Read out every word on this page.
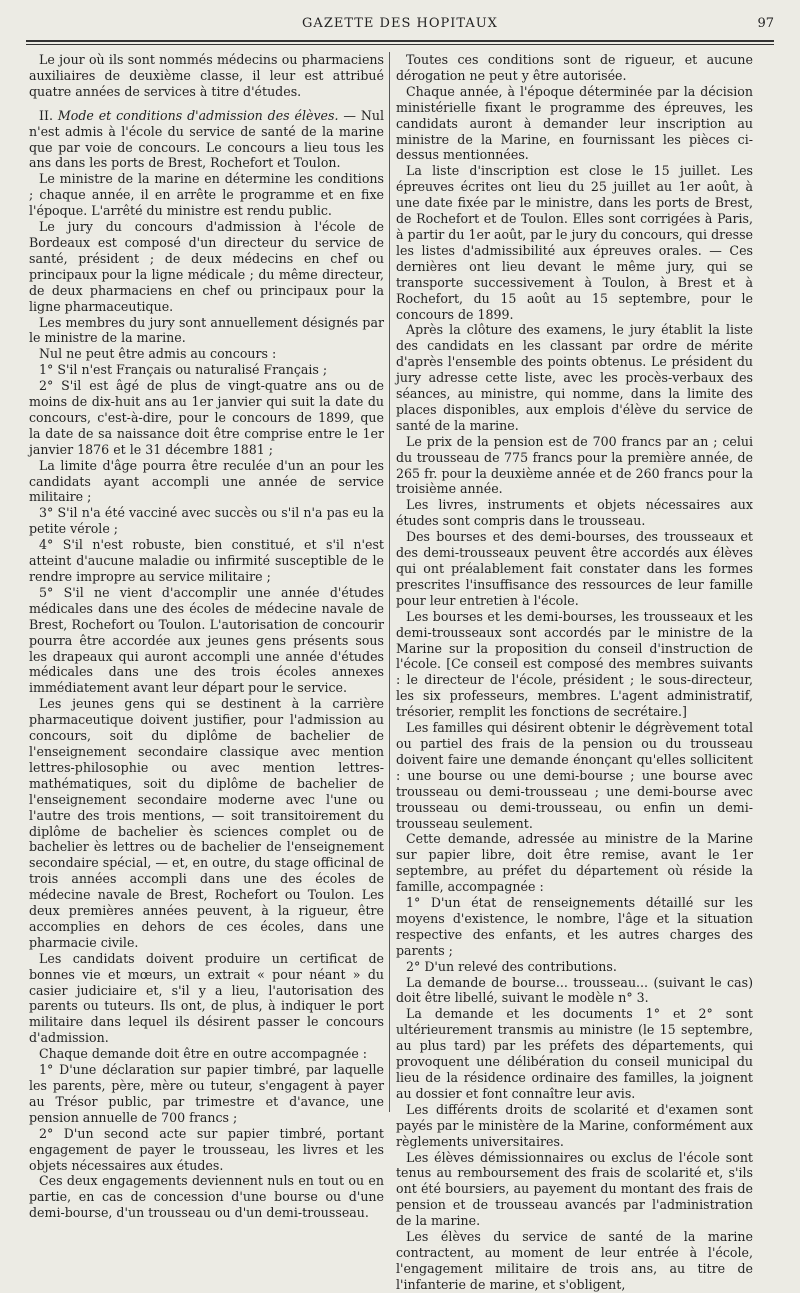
GAZETTE DES HOPITAUX	97

Le jour où ils sont nommés médecins ou pharmaciens auxiliaires de deuxième classe, il leur est attribué quatre années de services à titre d'études.

II. Mode et conditions d'admission des élèves. — Nul n'est admis à l'école du service de santé de la marine que par voie de concours. Le concours a lieu tous les ans dans les ports de Brest, Rochefort et Toulon.

Le ministre de la marine en détermine les conditions ; chaque année, il en arrête le programme et en fixe l'époque. L'arrêté du ministre est rendu public.

Le jury du concours d'admission à l'école de Bordeaux est composé d'un directeur du service de santé, président ; de deux médecins en chef ou principaux pour la ligne médicale ; du même directeur, de deux pharmaciens en chef ou principaux pour la ligne pharmaceutique.

Les membres du jury sont annuellement désignés par le ministre de la marine.

Nul ne peut être admis au concours :

1° S'il n'est Français ou naturalisé Français ;

2° S'il est âgé de plus de vingt-quatre ans ou de moins de dix-huit ans au 1er janvier qui suit la date du concours, c'est-à-dire, pour le concours de 1899, que la date de sa naissance doit être comprise entre le 1er janvier 1876 et le 31 décembre 1881 ;

La limite d'âge pourra être reculée d'un an pour les candidats ayant accompli une année de service militaire ;

3° S'il n'a été vacciné avec succès ou s'il n'a pas eu la petite vérole ;

4° S'il n'est robuste, bien constitué, et s'il n'est atteint d'aucune maladie ou infirmité susceptible de le rendre impropre au service militaire ;

5° S'il ne vient d'accomplir une année d'études médicales dans une des écoles de médecine navale de Brest, Rochefort ou Toulon. L'autorisation de concourir pourra être accordée aux jeunes gens présents sous les drapeaux qui auront accompli une année d'études médicales dans une des trois écoles annexes immédiatement avant leur départ pour le service.

Les jeunes gens qui se destinent à la carrière pharmaceutique doivent justifier, pour l'admission au concours, soit du diplôme de bachelier de l'enseignement secondaire classique avec mention lettres-philosophie ou avec mention lettres-mathématiques, soit du diplôme de bachelier de l'enseignement secondaire moderne avec l'une ou l'autre des trois mentions, — soit transitoirement du diplôme de bachelier ès sciences complet ou de bachelier ès lettres ou de bachelier de l'enseignement secondaire spécial, — et, en outre, du stage officinal de trois années accompli dans une des écoles de médecine navale de Brest, Rochefort ou Toulon. Les deux premières années peuvent, à la rigueur, être accomplies en dehors de ces écoles, dans une pharmacie civile.

Les candidats doivent produire un certificat de bonnes vie et mœurs, un extrait « pour néant » du casier judiciaire et, s'il y a lieu, l'autorisation des parents ou tuteurs. Ils ont, de plus, à indiquer le port militaire dans lequel ils désirent passer le concours d'admission.

Chaque demande doit être en outre accompagnée :

1° D'une déclaration sur papier timbré, par laquelle les parents, père, mère ou tuteur, s'engagent à payer au Trésor public, par trimestre et d'avance, une pension annuelle de 700 francs ;

2° D'un second acte sur papier timbré, portant engagement de payer le trousseau, les livres et les objets nécessaires aux études.

Ces deux engagements deviennent nuls en tout ou en partie, en cas de concession d'une bourse ou d'une demi-bourse, d'un trousseau ou d'un demi-trousseau.

Toutes ces conditions sont de rigueur, et aucune dérogation ne peut y être autorisée.

Chaque année, à l'époque déterminée par la décision ministérielle fixant le programme des épreuves, les candidats auront à demander leur inscription au ministre de la Marine, en fournissant les pièces ci-dessus mentionnées.

La liste d'inscription est close le 15 juillet. Les épreuves écrites ont lieu du 25 juillet au 1er août, à une date fixée par le ministre, dans les ports de Brest, de Rochefort et de Toulon. Elles sont corrigées à Paris, à partir du 1er août, par le jury du concours, qui dresse les listes d'admissibilité aux épreuves orales. — Ces dernières ont lieu devant le même jury, qui se transporte successivement à Toulon, à Brest et à Rochefort, du 15 août au 15 septembre, pour le concours de 1899.

Après la clôture des examens, le jury établit la liste des candidats en les classant par ordre de mérite d'après l'ensemble des points obtenus. Le président du jury adresse cette liste, avec les procès-verbaux des séances, au ministre, qui nomme, dans la limite des places disponibles, aux emplois d'élève du service de santé de la marine.

Le prix de la pension est de 700 francs par an ; celui du trousseau de 775 francs pour la première année, de 265 fr. pour la deuxième année et de 260 francs pour la troisième année.

Les livres, instruments et objets nécessaires aux études sont compris dans le trousseau.

Des bourses et des demi-bourses, des trousseaux et des demi-trousseaux peuvent être accordés aux élèves qui ont préalablement fait constater dans les formes prescrites l'insuffisance des ressources de leur famille pour leur entretien à l'école.

Les bourses et les demi-bourses, les trousseaux et les demi-trousseaux sont accordés par le ministre de la Marine sur la proposition du conseil d'instruction de l'école. [Ce conseil est composé des membres suivants : le directeur de l'école, président ; le sous-directeur, les six professeurs, membres. L'agent administratif, trésorier, remplit les fonctions de secrétaire.]

Les familles qui désirent obtenir le dégrèvement total ou partiel des frais de la pension ou du trousseau doivent faire une demande énonçant qu'elles sollicitent : une bourse ou une demi-bourse ; une bourse avec trousseau ou demi-trousseau ; une demi-bourse avec trousseau ou demi-trousseau, ou enfin un demi-trousseau seulement.

Cette demande, adressée au ministre de la Marine sur papier libre, doit être remise, avant le 1er septembre, au préfet du département où réside la famille, accompagnée :

1° D'un état de renseignements détaillé sur les moyens d'existence, le nombre, l'âge et la situation respective des enfants, et les autres charges des parents ;

2° D'un relevé des contributions.

La demande de bourse... trousseau... (suivant le cas) doit être libellé, suivant le modèle n° 3.

La demande et les documents 1° et 2° sont ultérieurement transmis au ministre (le 15 septembre, au plus tard) par les préfets des départements, qui provoquent une délibération du conseil municipal du lieu de la résidence ordinaire des familles, la joignent au dossier et font connaître leur avis.

Les différents droits de scolarité et d'examen sont payés par le ministère de la Marine, conformément aux règlements universitaires.

Les élèves démissionnaires ou exclus de l'école sont tenus au remboursement des frais de scolarité et, s'ils ont été boursiers, au payement du montant des frais de pension et de trousseau avancés par l'administration de la marine.

Les élèves du service de santé de la marine contractent, au moment de leur entrée à l'école, l'engagement militaire de trois ans, au titre de l'infanterie de marine, et s'obligent,
